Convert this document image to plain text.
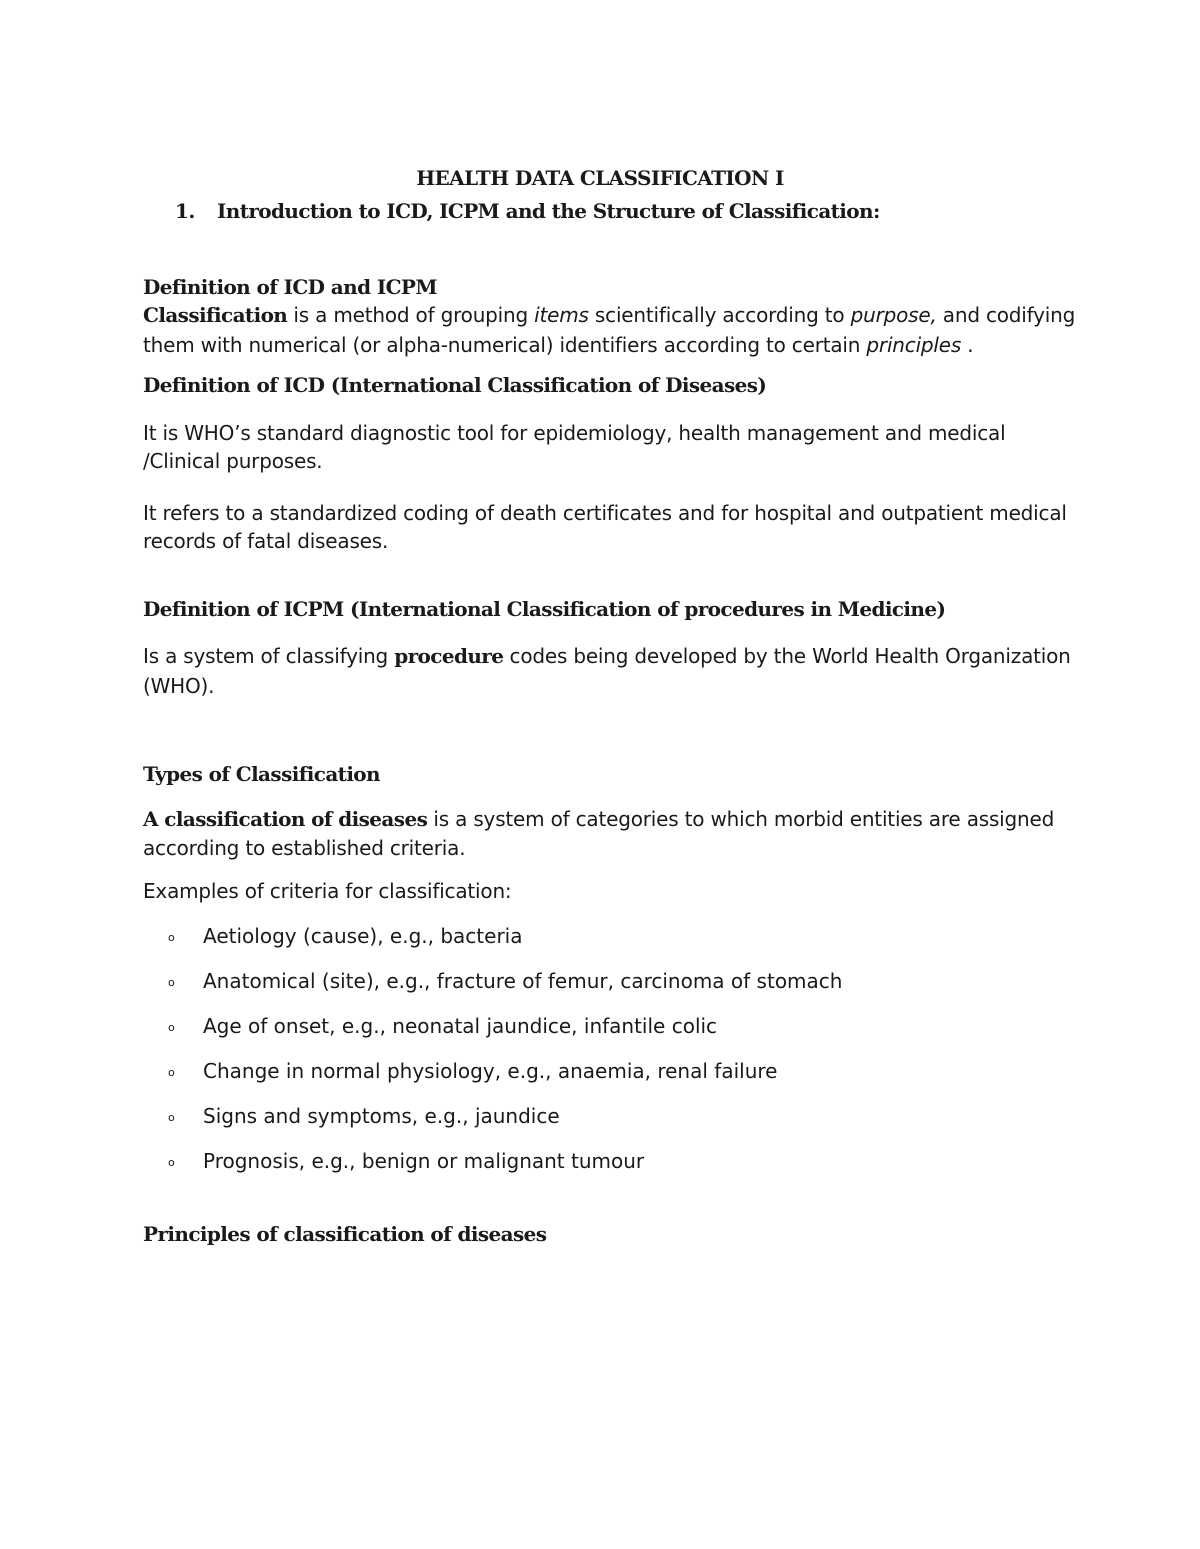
HEALTH DATA CLASSIFICATION I
1. Introduction to ICD, ICPM and the Structure of Classification:
Definition of ICD and ICPM
Classification is a method of grouping items scientifically according to purpose, and codifying
them with numerical (or alpha-numerical) identifiers according to certain principles .
Definition of ICD (International Classification of Diseases)
It is WHO’s standard diagnostic tool for epidemiology, health management and medical
/Clinical purposes.
It refers to a standardized coding of death certificates and for hospital and outpatient medical
records of fatal diseases.
Definition of ICPM (International Classification of procedures in Medicine)
Is a system of classifying procedure codes being developed by the World Health Organization
(WHO).
Types of Classification
A classification of diseases is a system of categories to which morbid entities are assigned
according to established criteria.
Examples of criteria for classification:
o Aetiology (cause), e.g., bacteria
o Anatomical (site), e.g., fracture of femur, carcinoma of stomach
o Age of onset, e.g., neonatal jaundice, infantile colic
o Change in normal physiology, e.g., anaemia, renal failure
o Signs and symptoms, e.g., jaundice
o Prognosis, e.g., benign or malignant tumour
Principles of classification of diseases
